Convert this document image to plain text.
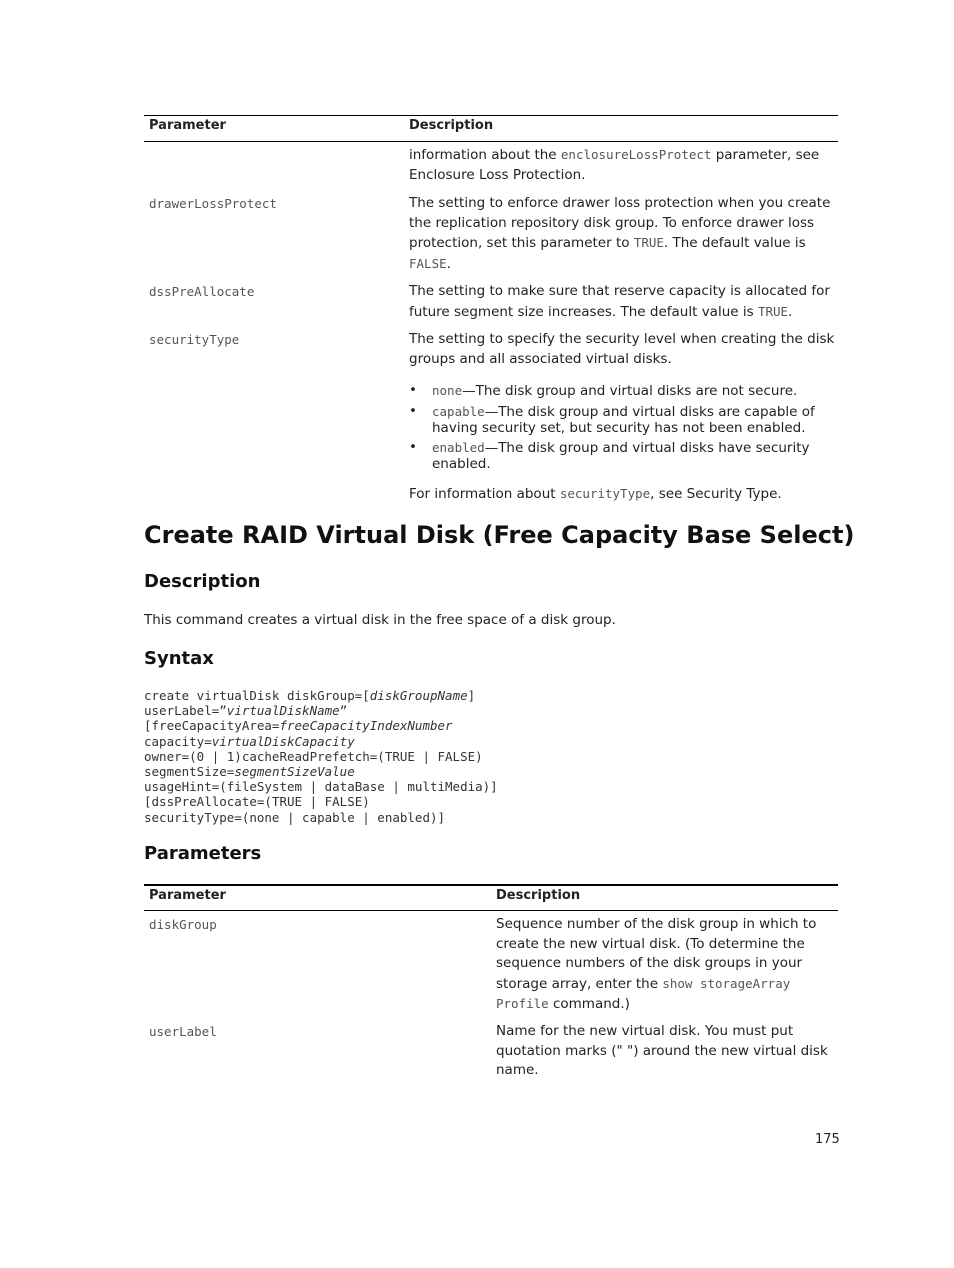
Parameter	Description
information about the enclosureLossProtect parameter, see
Enclosure Loss Protection.
drawerLossProtect	The setting to enforce drawer loss protection when you create
the replication repository disk group. To enforce drawer loss
protection, set this parameter to TRUE. The default value is
FALSE.
dssPreAllocate	The setting to make sure that reserve capacity is allocated for
future segment size increases. The default value is TRUE.
securityType	The setting to specify the security level when creating the disk
groups and all associated virtual disks.
• none—The disk group and virtual disks are not secure.
• capable—The disk group and virtual disks are capable of
having security set, but security has not been enabled.
• enabled—The disk group and virtual disks have security
enabled.
For information about securityType, see Security Type.
Create RAID Virtual Disk (Free Capacity Base Select)
Description
This command creates a virtual disk in the free space of a disk group.
Syntax
create virtualDisk diskGroup=[diskGroupName]
userLabel=”virtualDiskName”
[freeCapacityArea=freeCapacityIndexNumber
capacity=virtualDiskCapacity
owner=(0 | 1)cacheReadPrefetch=(TRUE | FALSE)
segmentSize=segmentSizeValue
usageHint=(fileSystem | dataBase | multiMedia)]
[dssPreAllocate=(TRUE | FALSE)
securityType=(none | capable | enabled)]
Parameters
Parameter	Description
diskGroup	Sequence number of the disk group in which to
create the new virtual disk. (To determine the
sequence numbers of the disk groups in your
storage array, enter the show storageArray
Profile command.)
userLabel	Name for the new virtual disk. You must put
quotation marks (" ") around the new virtual disk
name.
175
